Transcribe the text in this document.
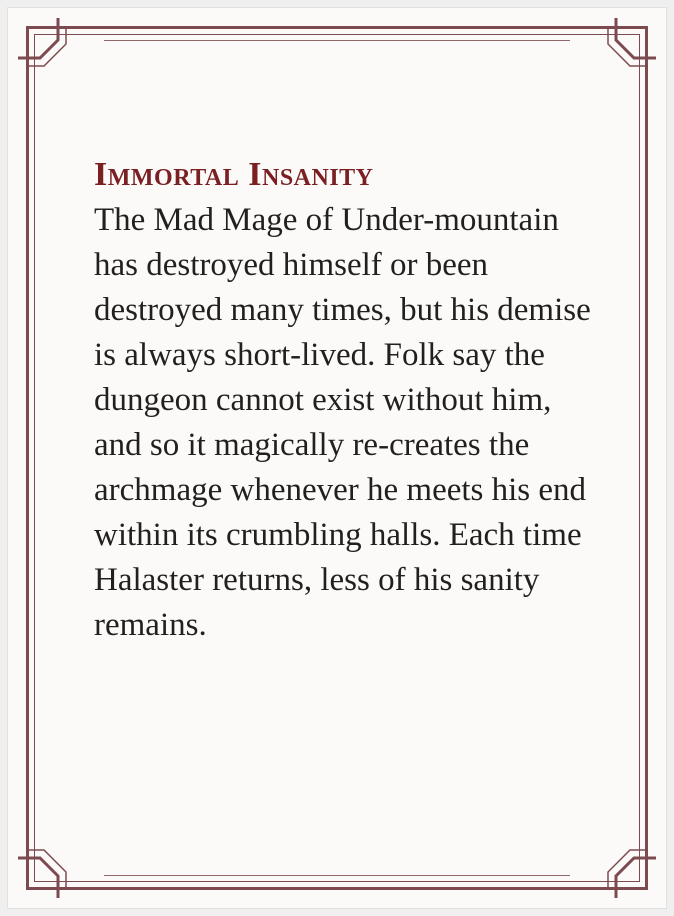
Immortal Insanity

The Mad Mage of Under-mountain has destroyed himself or been destroyed many times, but his demise is always short-lived. Folk say the dungeon cannot exist without him, and so it magically re-creates the archmage whenever he meets his end within its crumbling halls. Each time Halaster returns, less of his sanity remains.
